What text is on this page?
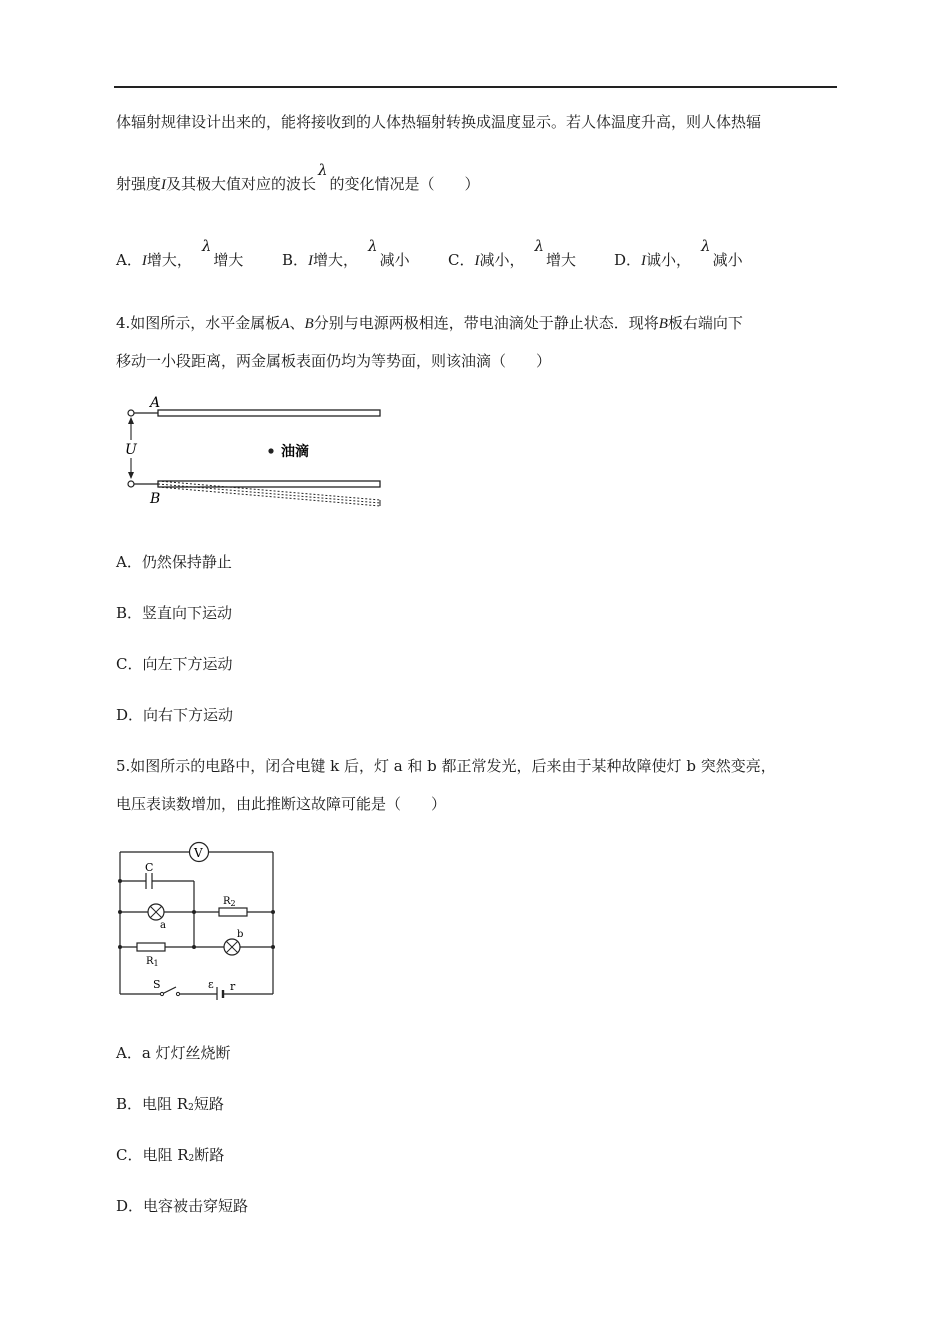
体辐射规律设计出来的，能将接收到的人体热辐射转换成温度显示。若人体温度升高，则人体热辐
射强度I及其极大值对应的波长λ的变化情况是（　　）
A．I增大，λ增大	B．I增大，λ减小	C．I减小，λ增大	D．I诚小，λ减小
4.如图所示，水平金属板A、B分别与电源两极相连，带电油滴处于静止状态．现将B板右端向下
移动一小段距离，两金属板表面仍均为等势面，则该油滴（　　）
A
U
B
油滴
A．仍然保持静止
B．竖直向下运动
C．向左下方运动
D．向右下方运动
5.如图所示的电路中，闭合电键 k 后，灯 a 和 b 都正常发光，后来由于某种故障使灯 b 突然变亮，
电压表读数增加，由此推断这故障可能是（　　）
V
C
a
$R_2$
$R_1$
b
S	ε r
A．a 灯灯丝烧断
B．电阻 $R_2$短路
C．电阻 $R_2$断路
D．电容被击穿短路
